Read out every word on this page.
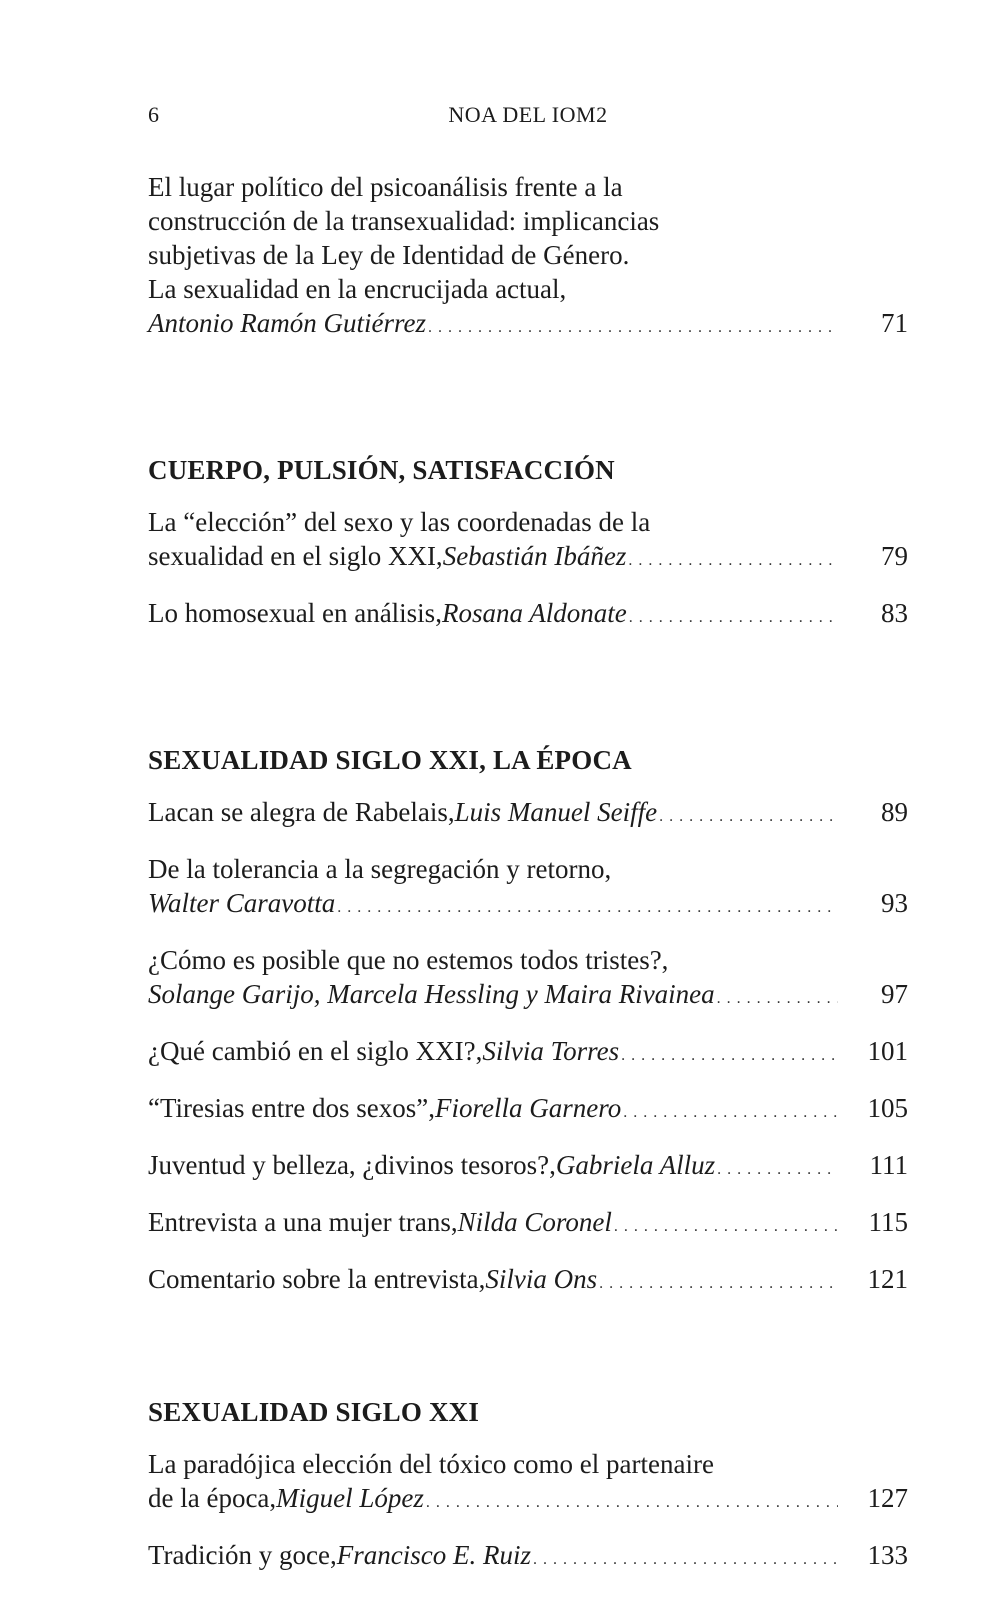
6	NOA DEL IOM2
El lugar político del psicoanálisis frente a la
construcción de la transexualidad: implicancias
subjetivas de la Ley de Identidad de Género.
La sexualidad en la encrucijada actual,
Antonio Ramón Gutiérrez . . .	71
CUERPO, PULSIÓN, SATISFACCIÓN
La “elección” del sexo y las coordenadas de la
sexualidad en el siglo XXI, Sebastián Ibáñez . . .	79
Lo homosexual en análisis, Rosana Aldonate . . .	83
SEXUALIDAD SIGLO XXI, LA ÉPOCA
Lacan se alegra de Rabelais, Luis Manuel Seiffe . . .	89
De la tolerancia a la segregación y retorno,
Walter Caravotta . . .	93
¿Cómo es posible que no estemos todos tristes?,
Solange Garijo, Marcela Hessling y Maira Rivainea . . .	97
¿Qué cambió en el siglo XXI?, Silvia Torres . . .	101
“Tiresias entre dos sexos”, Fiorella Garnero . . .	105
Juventud y belleza, ¿divinos tesoros?, Gabriela Alluz . . .	111
Entrevista a una mujer trans, Nilda Coronel . . .	115
Comentario sobre la entrevista, Silvia Ons . . .	121
SEXUALIDAD SIGLO XXI
La paradójica elección del tóxico como el partenaire
de la época, Miguel López . . .	127
Tradición y goce, Francisco E. Ruiz . . .	133
